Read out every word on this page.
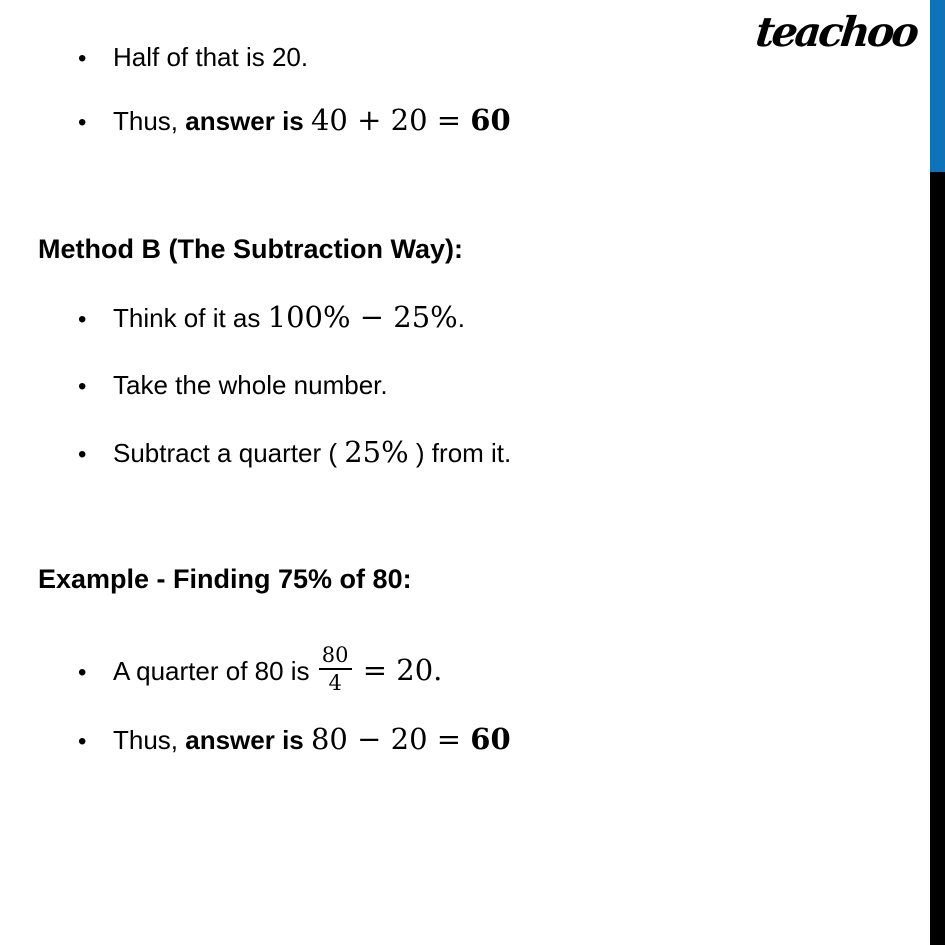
teachoo
• Half of that is 20.
• Thus, answer is 40 + 20 = 60
Method B (The Subtraction Way):
• Think of it as 100% − 25%.
• Take the whole number.
• Subtract a quarter ( 25% ) from it.
Example - Finding 75% of 80:
• A quarter of 80 is $\frac{80}{4} = 20$.
• Thus, answer is 80 − 20 = 60
